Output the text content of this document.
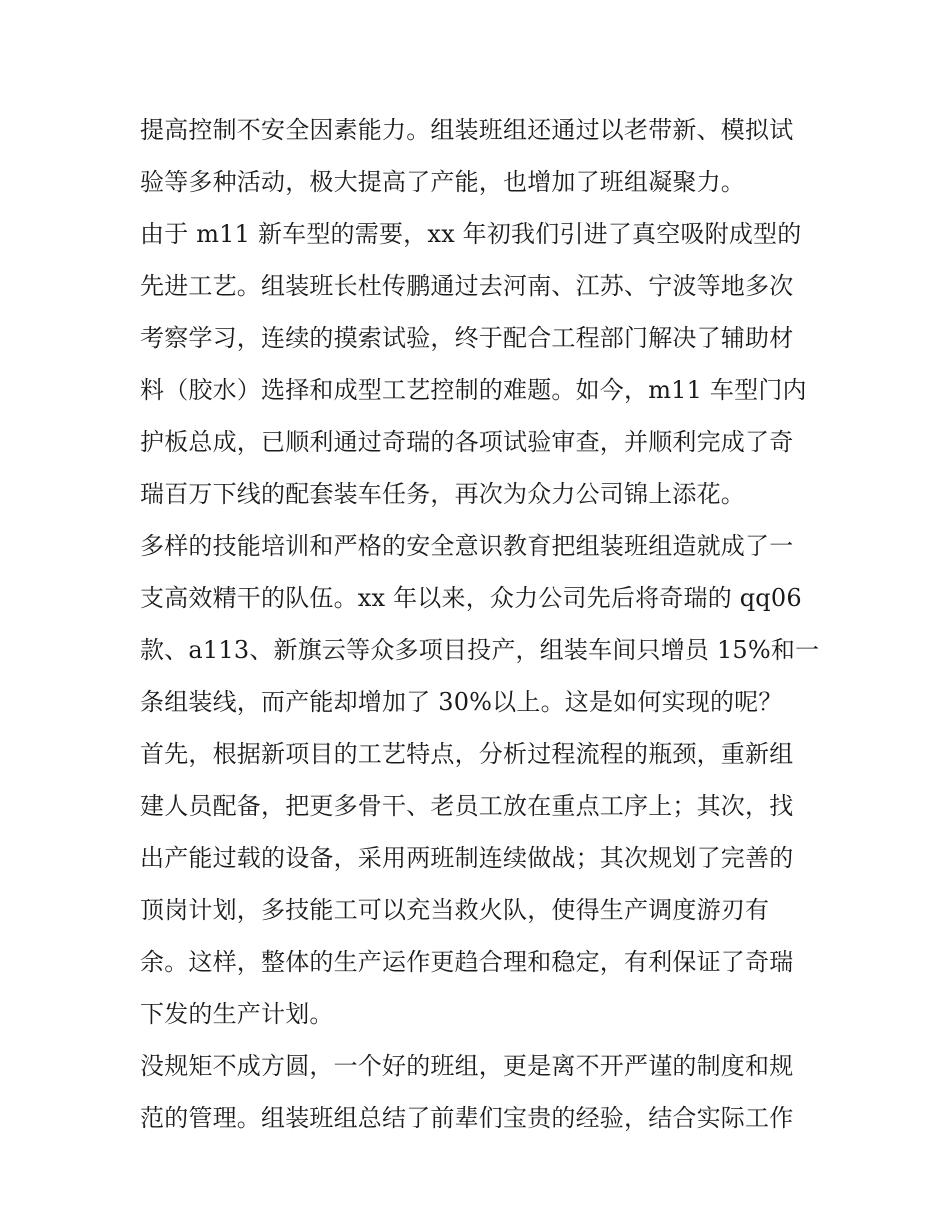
提高控制不安全因素能力。组装班组还通过以老带新、模拟试
验等多种活动，极大提高了产能，也增加了班组凝聚力。
由于 m11 新车型的需要，xx 年初我们引进了真空吸附成型的
先进工艺。组装班长杜传鹏通过去河南、江苏、宁波等地多次
考察学习，连续的摸索试验，终于配合工程部门解决了辅助材
料（胶水）选择和成型工艺控制的难题。如今，m11 车型门内
护板总成，已顺利通过奇瑞的各项试验审查，并顺利完成了奇
瑞百万下线的配套装车任务，再次为众力公司锦上添花。
多样的技能培训和严格的安全意识教育把组装班组造就成了一
支高效精干的队伍。xx 年以来，众力公司先后将奇瑞的 qq06
款、a113、新旗云等众多项目投产，组装车间只增员 15%和一
条组装线，而产能却增加了 30%以上。这是如何实现的呢？
首先，根据新项目的工艺特点，分析过程流程的瓶颈，重新组
建人员配备，把更多骨干、老员工放在重点工序上；其次，找
出产能过载的设备，采用两班制连续做战；其次规划了完善的
顶岗计划，多技能工可以充当救火队，使得生产调度游刃有
余。这样，整体的生产运作更趋合理和稳定，有利保证了奇瑞
下发的生产计划。
没规矩不成方圆，一个好的班组，更是离不开严谨的制度和规
范的管理。组装班组总结了前辈们宝贵的经验，结合实际工作
